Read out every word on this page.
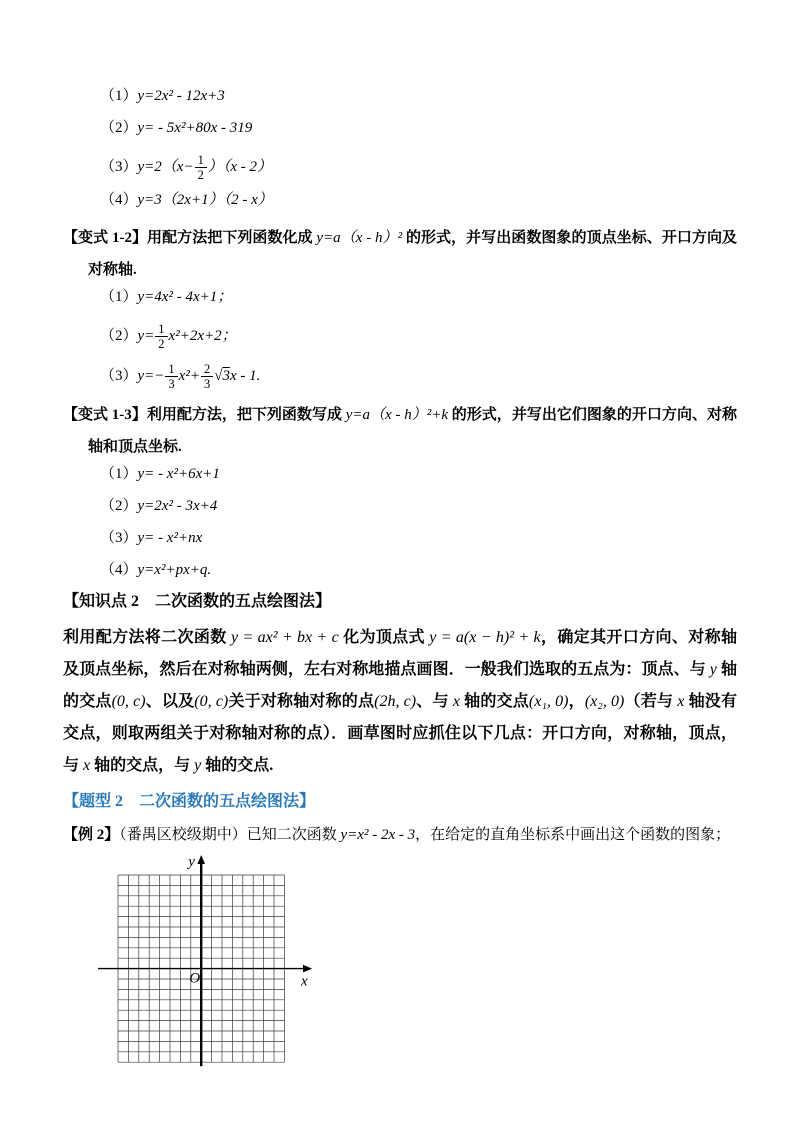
（1）y=2x² - 12x+3
（2）y= - 5x²+80x - 319
$(3)y=2(x- \frac{1}{2} )(x - 2)$
（4）y=3（2x+1）（2 - x）
【变式 1-2】用配方法把下列函数化成 y=a（x - h）² 的形式，并写出函数图象的顶点坐标、开口方向及对称轴.
（1）y=4x² - 4x+1；
$(2)y= \frac{1}{2} x^2+2x+2$；
$(3)y=- \frac{1}{3} x^2+ \frac{2}{3} √3x - 1$.
【变式 1-3】利用配方法，把下列函数写成 y=a（x - h）²+k 的形式，并写出它们图象的开口方向、对称轴和顶点坐标.
（1）y= - x²+6x+1
（2）y=2x² - 3x+4
（3）y= - x²+nx
（4）y=x²+px+q.
【知识点 2　二次函数的五点绘图法】
利用配方法将二次函数 y = ax² + bx + c 化为顶点式 y = a(x − h)² + k，确定其开口方向、对称轴及顶点坐标，然后在对称轴两侧，左右对称地描点画图．一般我们选取的五点为：顶点、与 y 轴的交点(0, c)、以及(0, c)关于对称轴对称的点(2h, c)、与 x 轴的交点(x₁, 0)，(x₂, 0)（若与 x 轴没有交点，则取两组关于对称轴对称的点）．画草图时应抓住以下几点：开口方向，对称轴，顶点，与 x 轴的交点，与 y 轴的交点.
【题型 2　二次函数的五点绘图法】
【例 2】（番禺区校级期中）已知二次函数 y=x² - 2x - 3，在给定的直角坐标系中画出这个函数的图象；
y
x
O
